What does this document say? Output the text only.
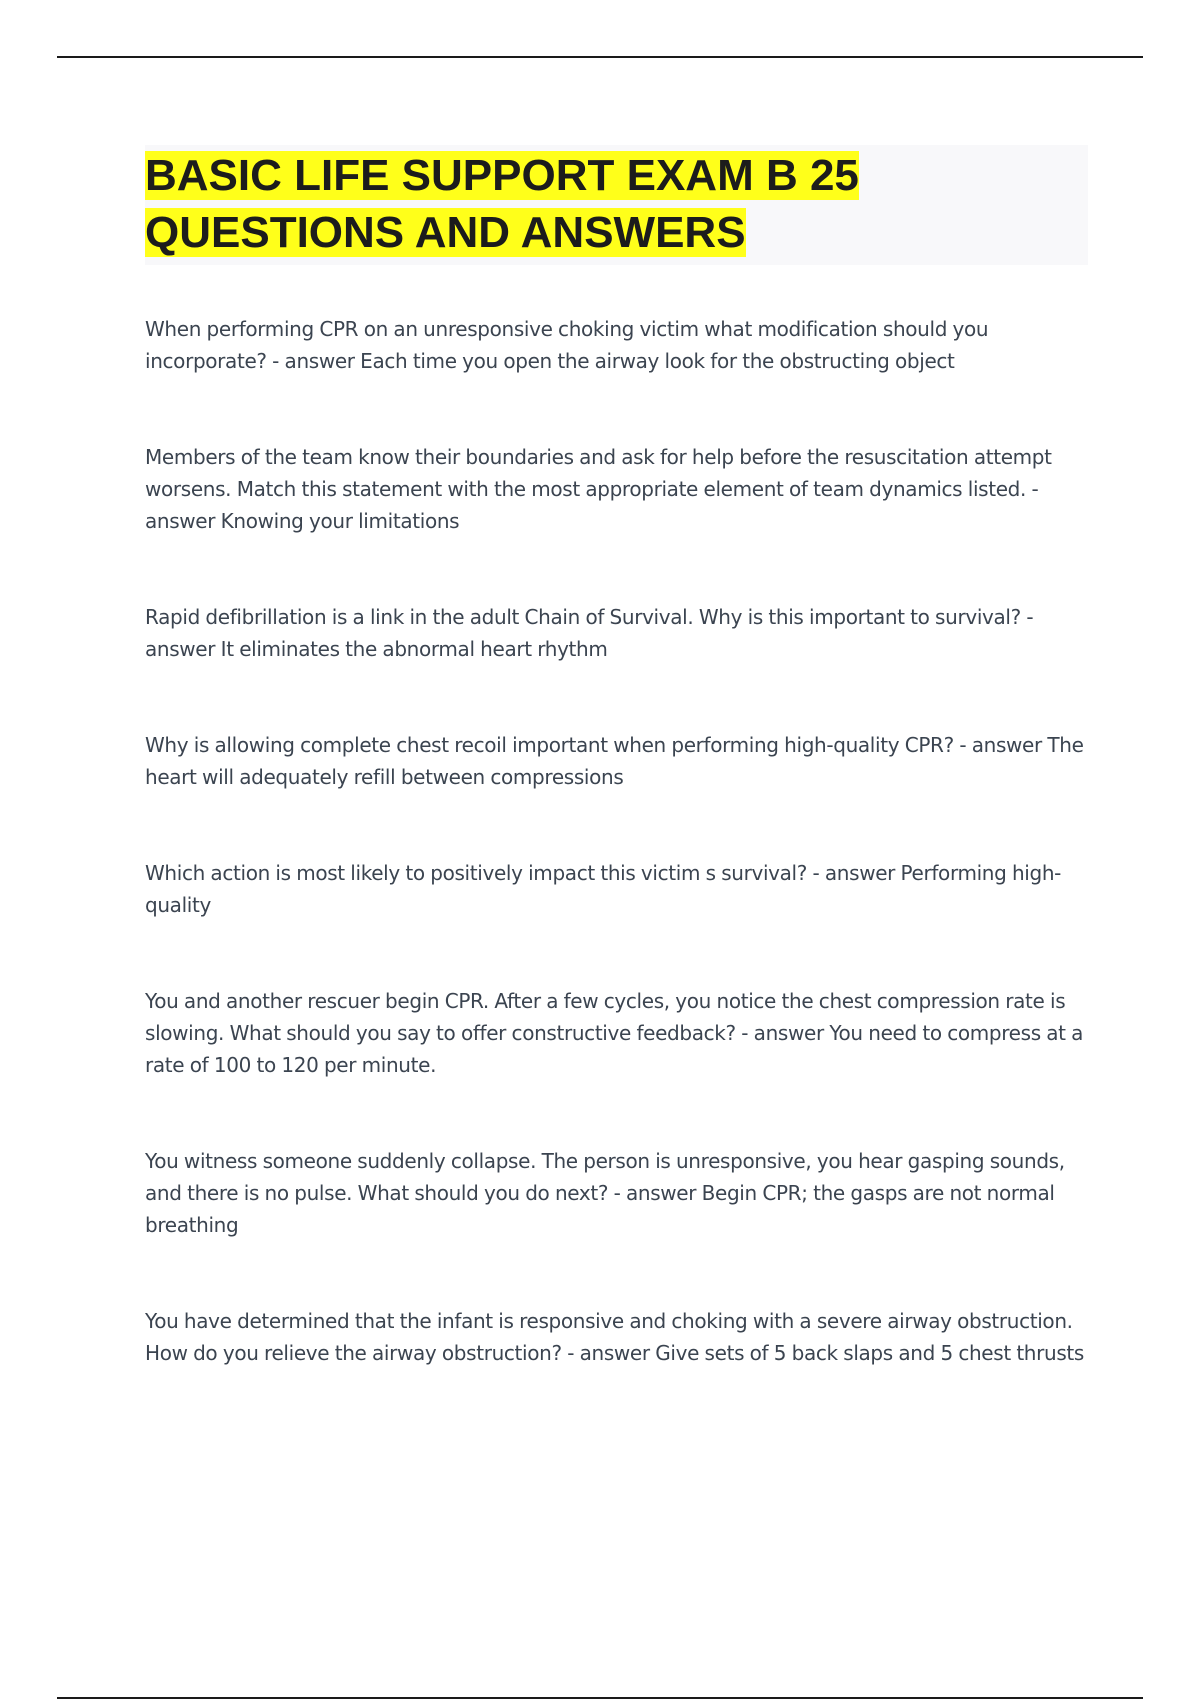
BASIC LIFE SUPPORT EXAM B 25 QUESTIONS AND ANSWERS

When performing CPR on an unresponsive choking victim what modification should you incorporate? - answer Each time you open the airway look for the obstructing object

Members of the team know their boundaries and ask for help before the resuscitation attempt worsens. Match this statement with the most appropriate element of team dynamics listed. - answer Knowing your limitations

Rapid defibrillation is a link in the adult Chain of Survival. Why is this important to survival? - answer It eliminates the abnormal heart rhythm

Why is allowing complete chest recoil important when performing high-quality CPR? - answer The heart will adequately refill between compressions

Which action is most likely to positively impact this victim s survival? - answer Performing high-quality

You and another rescuer begin CPR. After a few cycles, you notice the chest compression rate is slowing. What should you say to offer constructive feedback? - answer You need to compress at a rate of 100 to 120 per minute.

You witness someone suddenly collapse. The person is unresponsive, you hear gasping sounds, and there is no pulse. What should you do next? - answer Begin CPR; the gasps are not normal breathing

You have determined that the infant is responsive and choking with a severe airway obstruction. How do you relieve the airway obstruction? - answer Give sets of 5 back slaps and 5 chest thrusts
